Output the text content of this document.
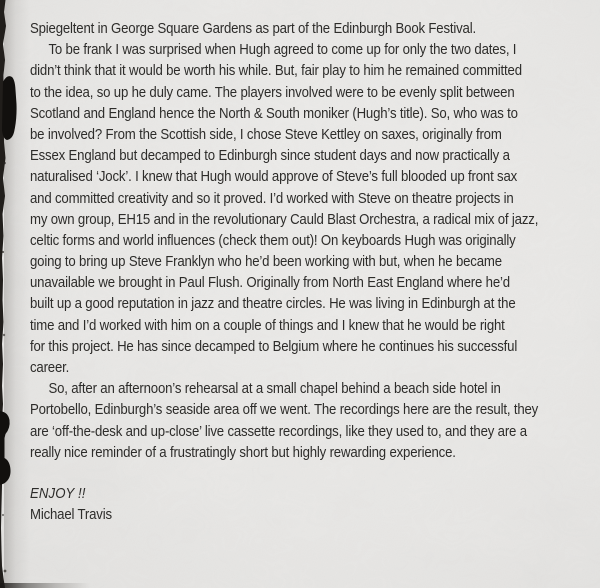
Spiegeltent in George Square Gardens as part of the Edinburgh Book Festival.
To be frank I was surprised when Hugh agreed to come up for only the two dates, I
didn’t think that it would be worth his while. But, fair play to him he remained committed
to the idea, so up he duly came. The players involved were to be evenly split between
Scotland and England hence the North & South moniker (Hugh’s title). So, who was to
be involved? From the Scottish side, I chose Steve Kettley on saxes, originally from
Essex England but decamped to Edinburgh since student days and now practically a
naturalised ‘Jock’. I knew that Hugh would approve of Steve’s full blooded up front sax
and committed creativity and so it proved. I’d worked with Steve on theatre projects in
my own group, EH15 and in the revolutionary Cauld Blast Orchestra, a radical mix of jazz,
celtic forms and world influences (check them out)! On keyboards Hugh was originally
going to bring up Steve Franklyn who he’d been working with but, when he became
unavailable we brought in Paul Flush. Originally from North East England where he’d
built up a good reputation in jazz and theatre circles. He was living in Edinburgh at the
time and I’d worked with him on a couple of things and I knew that he would be right
for this project. He has since decamped to Belgium where he continues his successful
career.
So, after an afternoon’s rehearsal at a small chapel behind a beach side hotel in
Portobello, Edinburgh’s seaside area off we went. The recordings here are the result, they
are ‘off-the-desk and up-close’ live cassette recordings, like they used to, and they are a
really nice reminder of a frustratingly short but highly rewarding experience.
ENJOY !!
Michael Travis
